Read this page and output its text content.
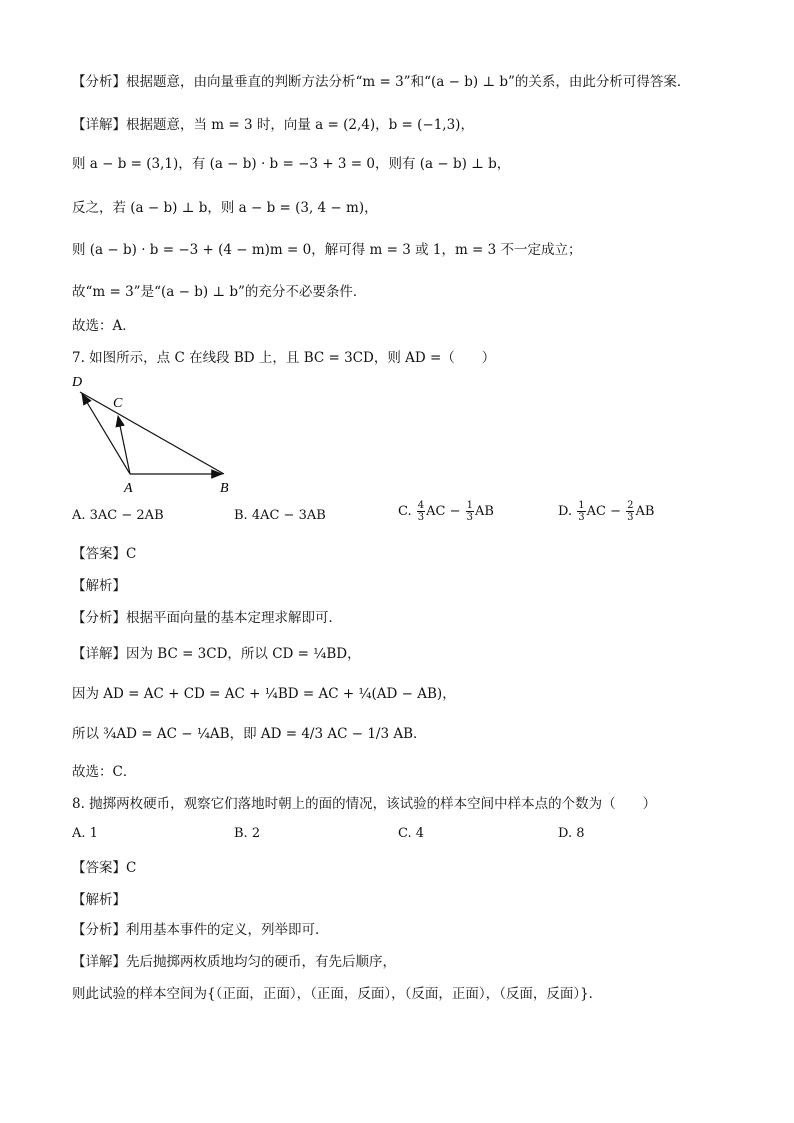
【分析】根据题意，由向量垂直的判断方法分析“m = 3”和“(a − b) ⊥ b”的关系，由此分析可得答案．
【详解】根据题意，当 m = 3 时，向量 a = (2,4)，b = (−1,3)，
则 a − b = (3,1)，有 (a − b) · b = −3 + 3 = 0，则有 (a − b) ⊥ b，
反之，若 (a − b) ⊥ b，则 a − b = (3, 4 − m)，
则 (a − b) · b = −3 + (4 − m)m = 0，解可得 m = 3 或 1，m = 3 不一定成立；
故“m = 3”是“(a − b) ⊥ b”的充分不必要条件．
故选：A．
7. 如图所示，点 C 在线段 BD 上，且 BC = 3CD，则 AD =（　　）
D
C
A	B
A. 3AC − 2AB	B. 4AC − 3AB	C. $\frac{4}{3}$ AC − $\frac{1}{3}$ AB	D. $\frac{1}{3}$ AC − $\frac{2}{3}$ AB
【答案】C
【解析】
【分析】根据平面向量的基本定理求解即可．
【详解】因为 BC = 3CD，所以 CD = ¼BD，
因为 AD = AC + CD = AC + ¼BD = AC + ¼(AD − AB)，
所以 ¾AD = AC − ¼AB，即 AD = 4/3 AC − 1/3 AB．
故选：C．
8. 抛掷两枚硬币，观察它们落地时朝上的面的情况，该试验的样本空间中样本点的个数为（　　）
A. 1	B. 2	C. 4	D. 8
【答案】C
【解析】
【分析】利用基本事件的定义，列举即可．
【详解】先后抛掷两枚质地均匀的硬币，有先后顺序，
则此试验的样本空间为{（正面，正面），（正面，反面），（反面，正面），（反面，反面）}．
